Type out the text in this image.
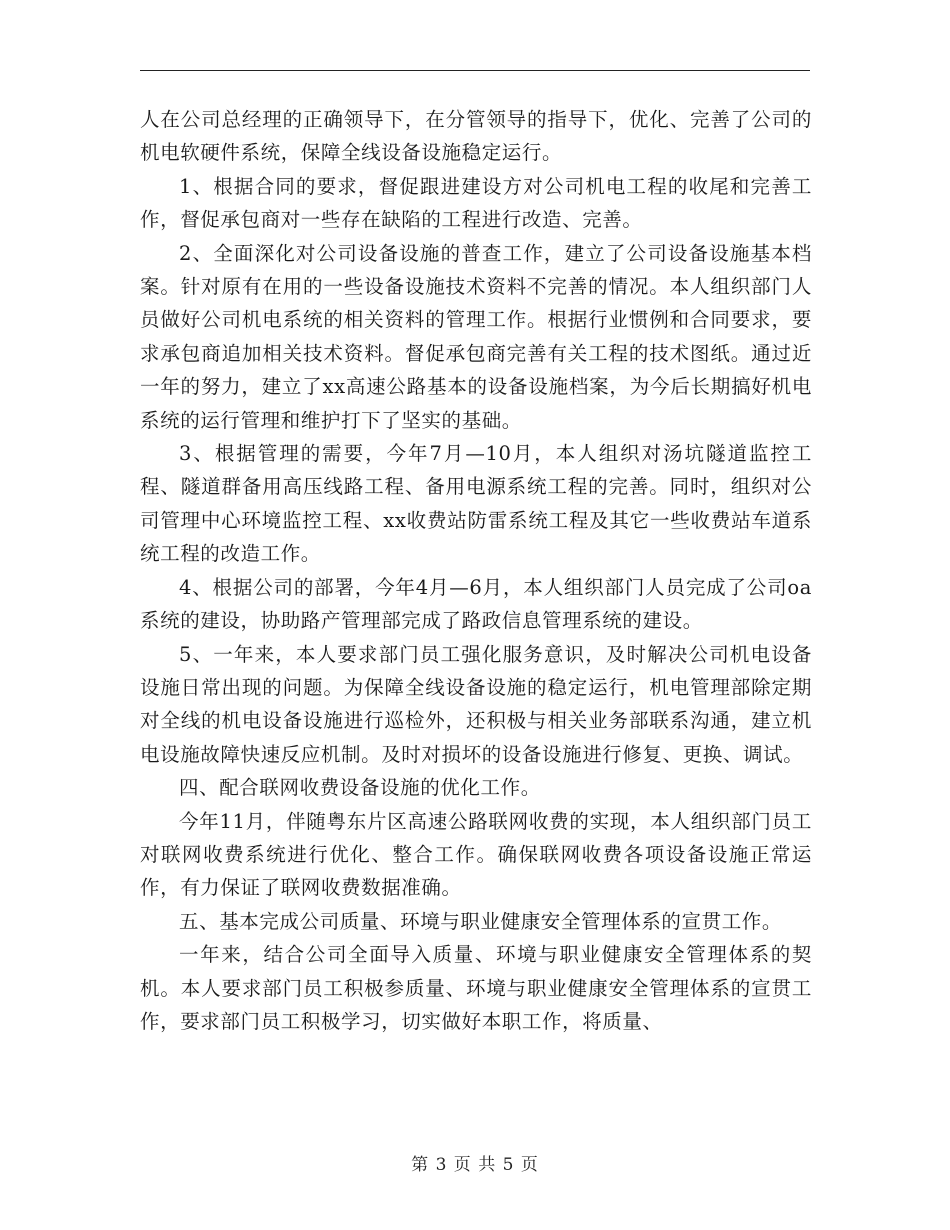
人在公司总经理的正确领导下，在分管领导的指导下，优化、完善了公司的机电软硬件系统，保障全线设备设施稳定运行。

1、根据合同的要求，督促跟进建设方对公司机电工程的收尾和完善工作，督促承包商对一些存在缺陷的工程进行改造、完善。

2、全面深化对公司设备设施的普查工作，建立了公司设备设施基本档案。针对原有在用的一些设备设施技术资料不完善的情况。本人组织部门人员做好公司机电系统的相关资料的管理工作。根据行业惯例和合同要求，要求承包商追加相关技术资料。督促承包商完善有关工程的技术图纸。通过近一年的努力，建立了xx高速公路基本的设备设施档案，为今后长期搞好机电系统的运行管理和维护打下了坚实的基础。

3、根据管理的需要，今年7月—10月，本人组织对汤坑隧道监控工程、隧道群备用高压线路工程、备用电源系统工程的完善。同时，组织对公司管理中心环境监控工程、xx收费站防雷系统工程及其它一些收费站车道系统工程的改造工作。

4、根据公司的部署，今年4月—6月，本人组织部门人员完成了公司oa系统的建设，协助路产管理部完成了路政信息管理系统的建设。

5、一年来，本人要求部门员工强化服务意识，及时解决公司机电设备设施日常出现的问题。为保障全线设备设施的稳定运行，机电管理部除定期对全线的机电设备设施进行巡检外，还积极与相关业务部联系沟通，建立机电设施故障快速反应机制。及时对损坏的设备设施进行修复、更换、调试。

四、配合联网收费设备设施的优化工作。

今年11月，伴随粤东片区高速公路联网收费的实现，本人组织部门员工对联网收费系统进行优化、整合工作。确保联网收费各项设备设施正常运作，有力保证了联网收费数据准确。

五、基本完成公司质量、环境与职业健康安全管理体系的宣贯工作。

一年来，结合公司全面导入质量、环境与职业健康安全管理体系的契机。本人要求部门员工积极参质量、环境与职业健康安全管理体系的宣贯工作，要求部门员工积极学习，切实做好本职工作，将质量、

第 3 页 共 5 页
